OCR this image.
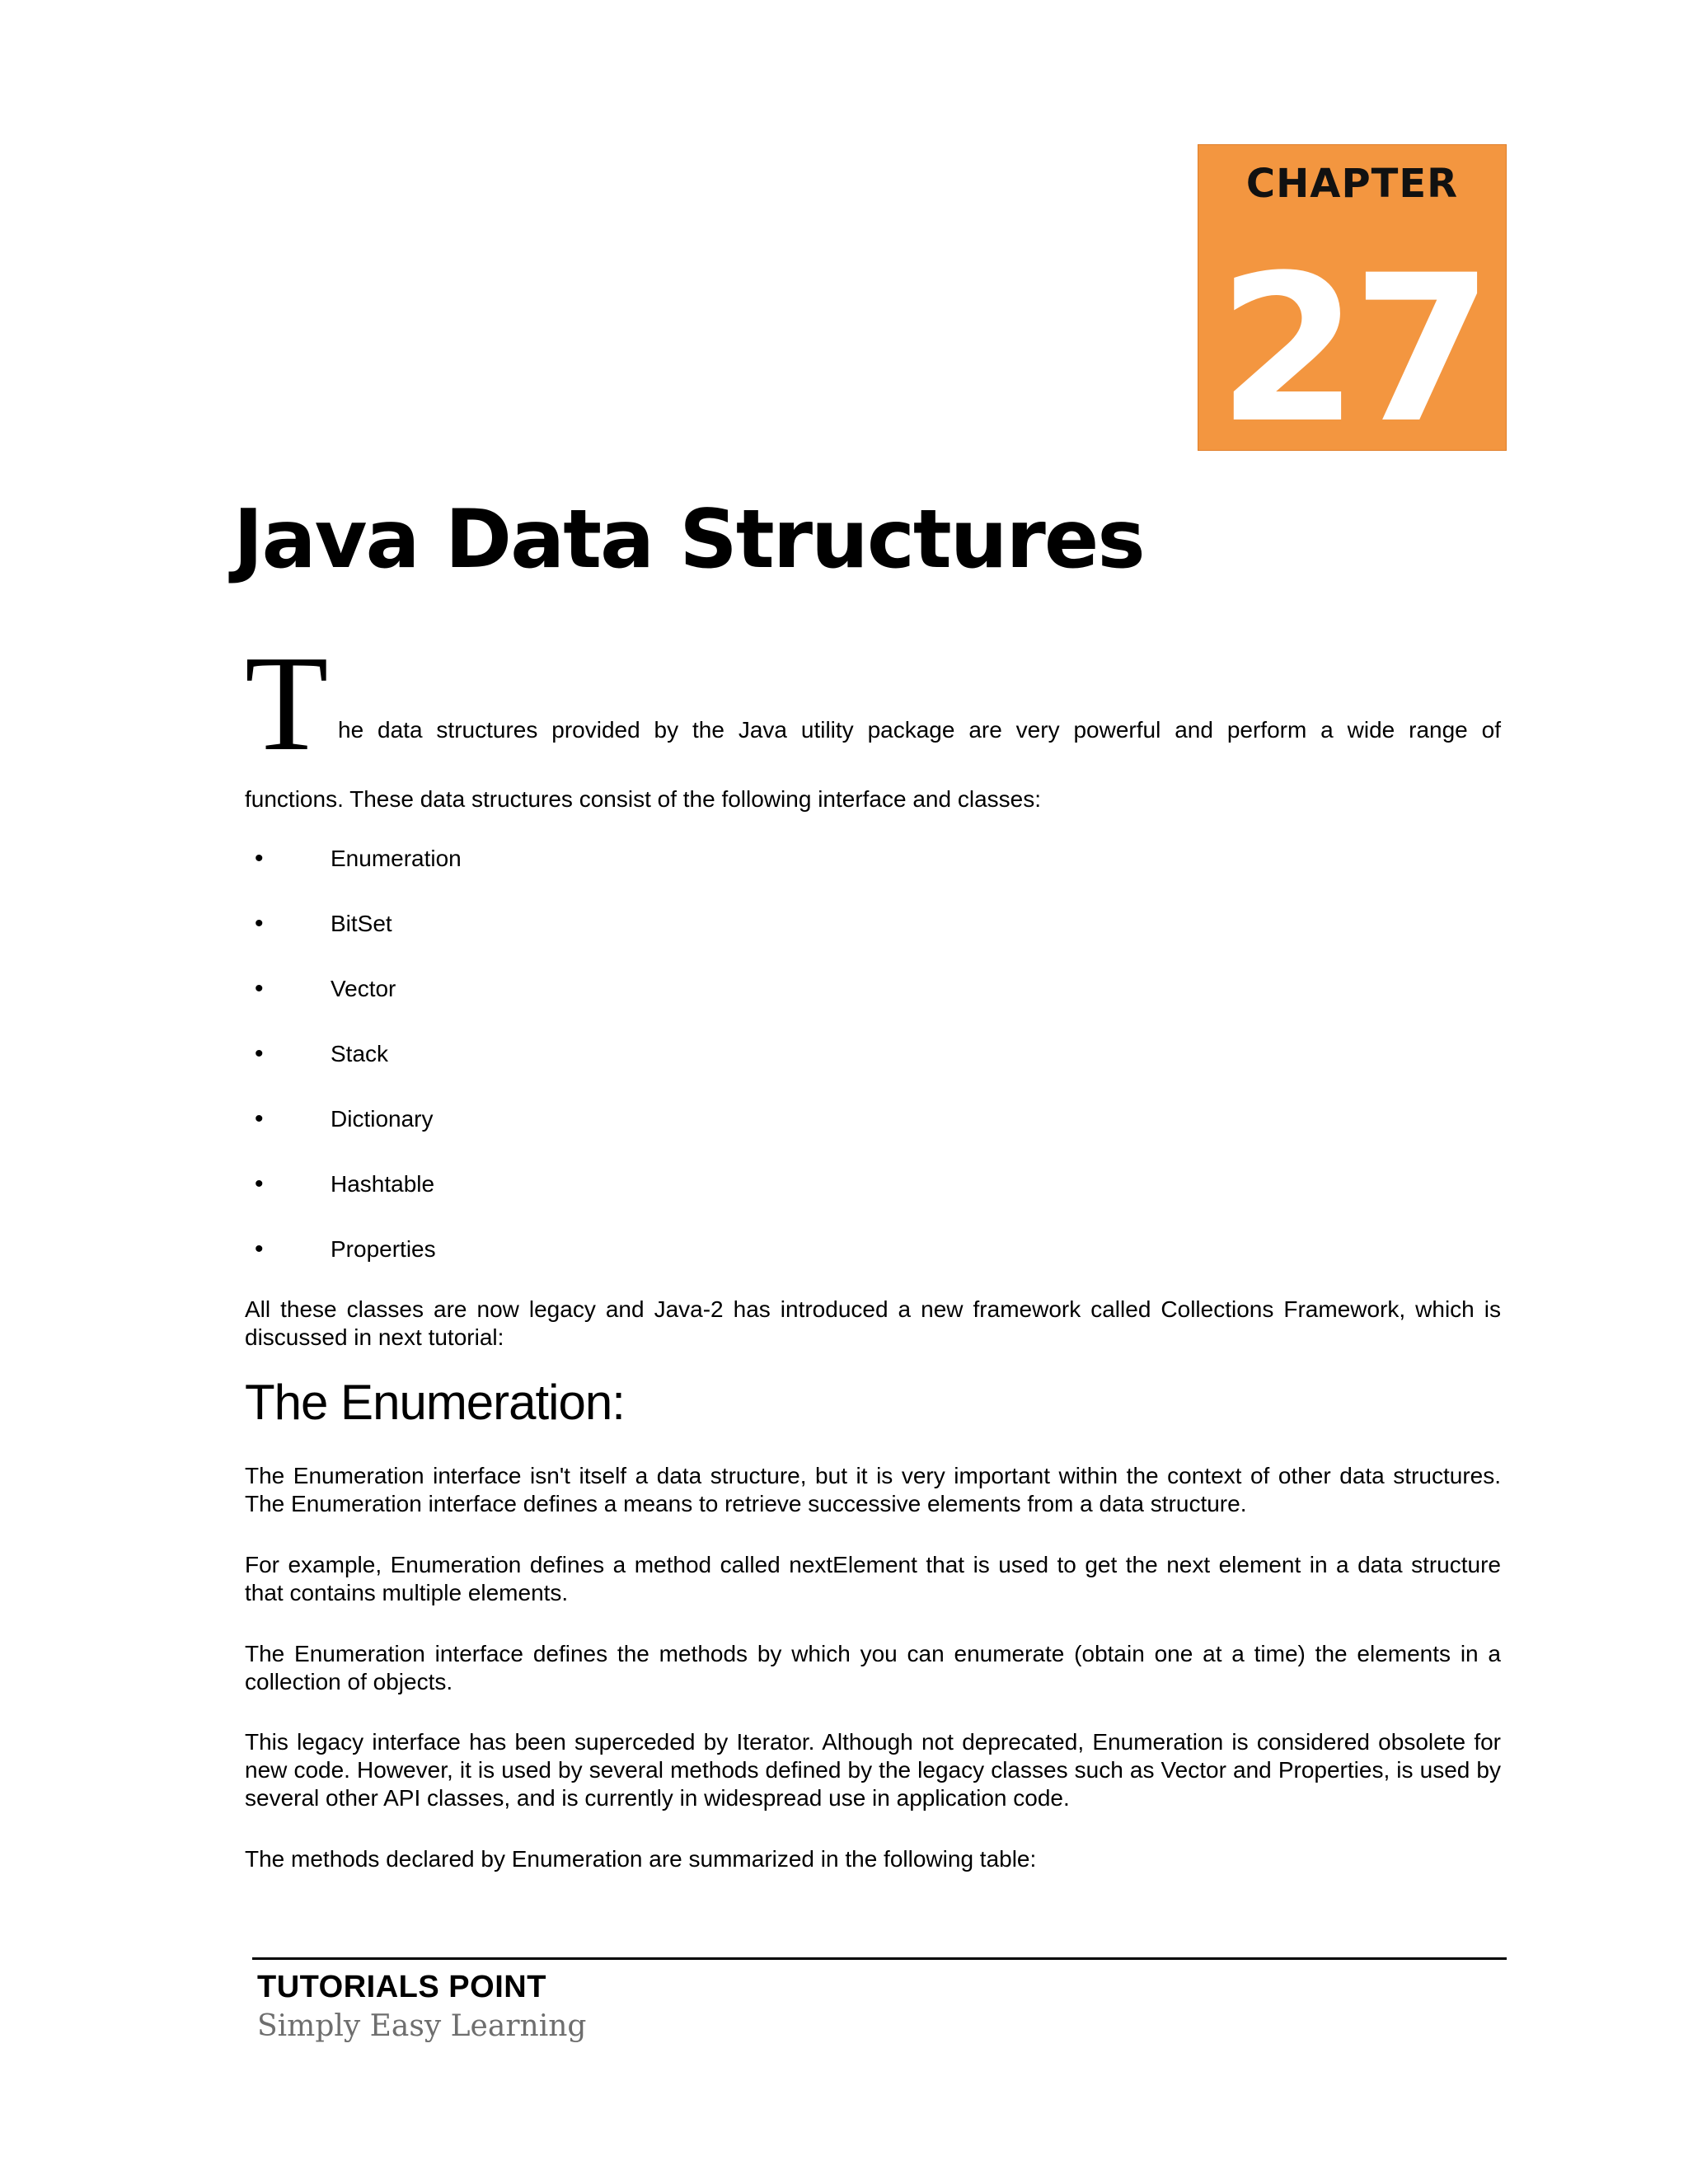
CHAPTER
27
Java Data Structures
T he data structures provided by the Java utility package are very powerful and perform a wide range of
functions. These data structures consist of the following interface and classes:
•	Enumeration
•	BitSet
•	Vector
•	Stack
•	Dictionary
•	Hashtable
•	Properties

All these classes are now legacy and Java-2 has introduced a new framework called Collections Framework, which is discussed in next tutorial:

The Enumeration:

The Enumeration interface isn't itself a data structure, but it is very important within the context of other data structures. The Enumeration interface defines a means to retrieve successive elements from a data structure.

For example, Enumeration defines a method called nextElement that is used to get the next element in a data structure that contains multiple elements.

The Enumeration interface defines the methods by which you can enumerate (obtain one at a time) the elements in a collection of objects.

This legacy interface has been superceded by Iterator. Although not deprecated, Enumeration is considered obsolete for new code. However, it is used by several methods defined by the legacy classes such as Vector and Properties, is used by several other API classes, and is currently in widespread use in application code.

The methods declared by Enumeration are summarized in the following table:

TUTORIALS POINT
Simply Easy Learning
